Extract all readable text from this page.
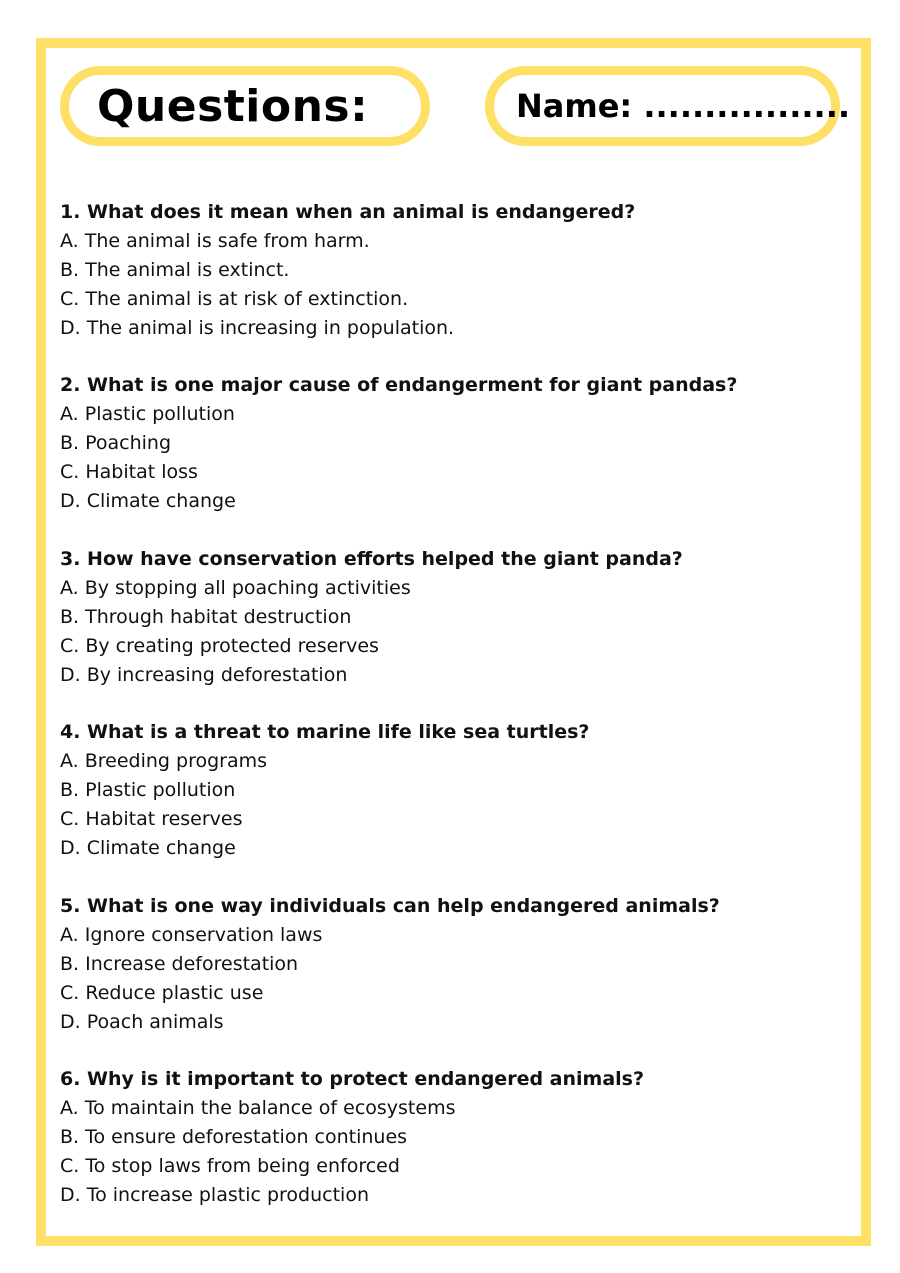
Questions:	Name: .................
1. What does it mean when an animal is endangered?
A. The animal is safe from harm.
B. The animal is extinct.
C. The animal is at risk of extinction.
D. The animal is increasing in population.
2. What is one major cause of endangerment for giant pandas?
A. Plastic pollution
B. Poaching
C. Habitat loss
D. Climate change
3. How have conservation efforts helped the giant panda?
A. By stopping all poaching activities
B. Through habitat destruction
C. By creating protected reserves
D. By increasing deforestation
4. What is a threat to marine life like sea turtles?
A. Breeding programs
B. Plastic pollution
C. Habitat reserves
D. Climate change
5. What is one way individuals can help endangered animals?
A. Ignore conservation laws
B. Increase deforestation
C. Reduce plastic use
D. Poach animals
6. Why is it important to protect endangered animals?
A. To maintain the balance of ecosystems
B. To ensure deforestation continues
C. To stop laws from being enforced
D. To increase plastic production
